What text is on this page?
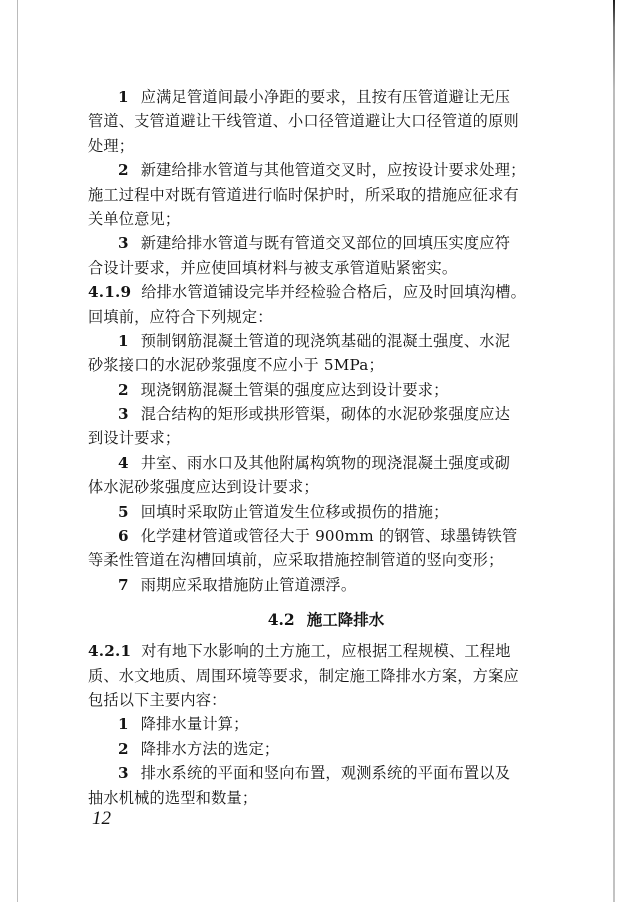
1 应满足管道间最小净距的要求，且按有压管道避让无压
管道、支管道避让干线管道、小口径管道避让大口径管道的原则
处理；
2 新建给排水管道与其他管道交叉时，应按设计要求处理；
施工过程中对既有管道进行临时保护时，所采取的措施应征求有
关单位意见；
3 新建给排水管道与既有管道交叉部位的回填压实度应符
合设计要求，并应使回填材料与被支承管道贴紧密实。
4.1.9 给排水管道铺设完毕并经检验合格后，应及时回填沟槽。
回填前，应符合下列规定：
1 预制钢筋混凝土管道的现浇筑基础的混凝土强度、水泥
砂浆接口的水泥砂浆强度不应小于 5MPa；
2 现浇钢筋混凝土管渠的强度应达到设计要求；
3 混合结构的矩形或拱形管渠，砌体的水泥砂浆强度应达
到设计要求；
4 井室、雨水口及其他附属构筑物的现浇混凝土强度或砌
体水泥砂浆强度应达到设计要求；
5 回填时采取防止管道发生位移或损伤的措施；
6 化学建材管道或管径大于 900mm 的钢管、球墨铸铁管
等柔性管道在沟槽回填前，应采取措施控制管道的竖向变形；
7 雨期应采取措施防止管道漂浮。
4.2 施工降排水
4.2.1 对有地下水影响的土方施工，应根据工程规模、工程地
质、水文地质、周围环境等要求，制定施工降排水方案，方案应
包括以下主要内容：
1 降排水量计算；
2 降排水方法的选定；
3 排水系统的平面和竖向布置，观测系统的平面布置以及
抽水机械的选型和数量；
12
